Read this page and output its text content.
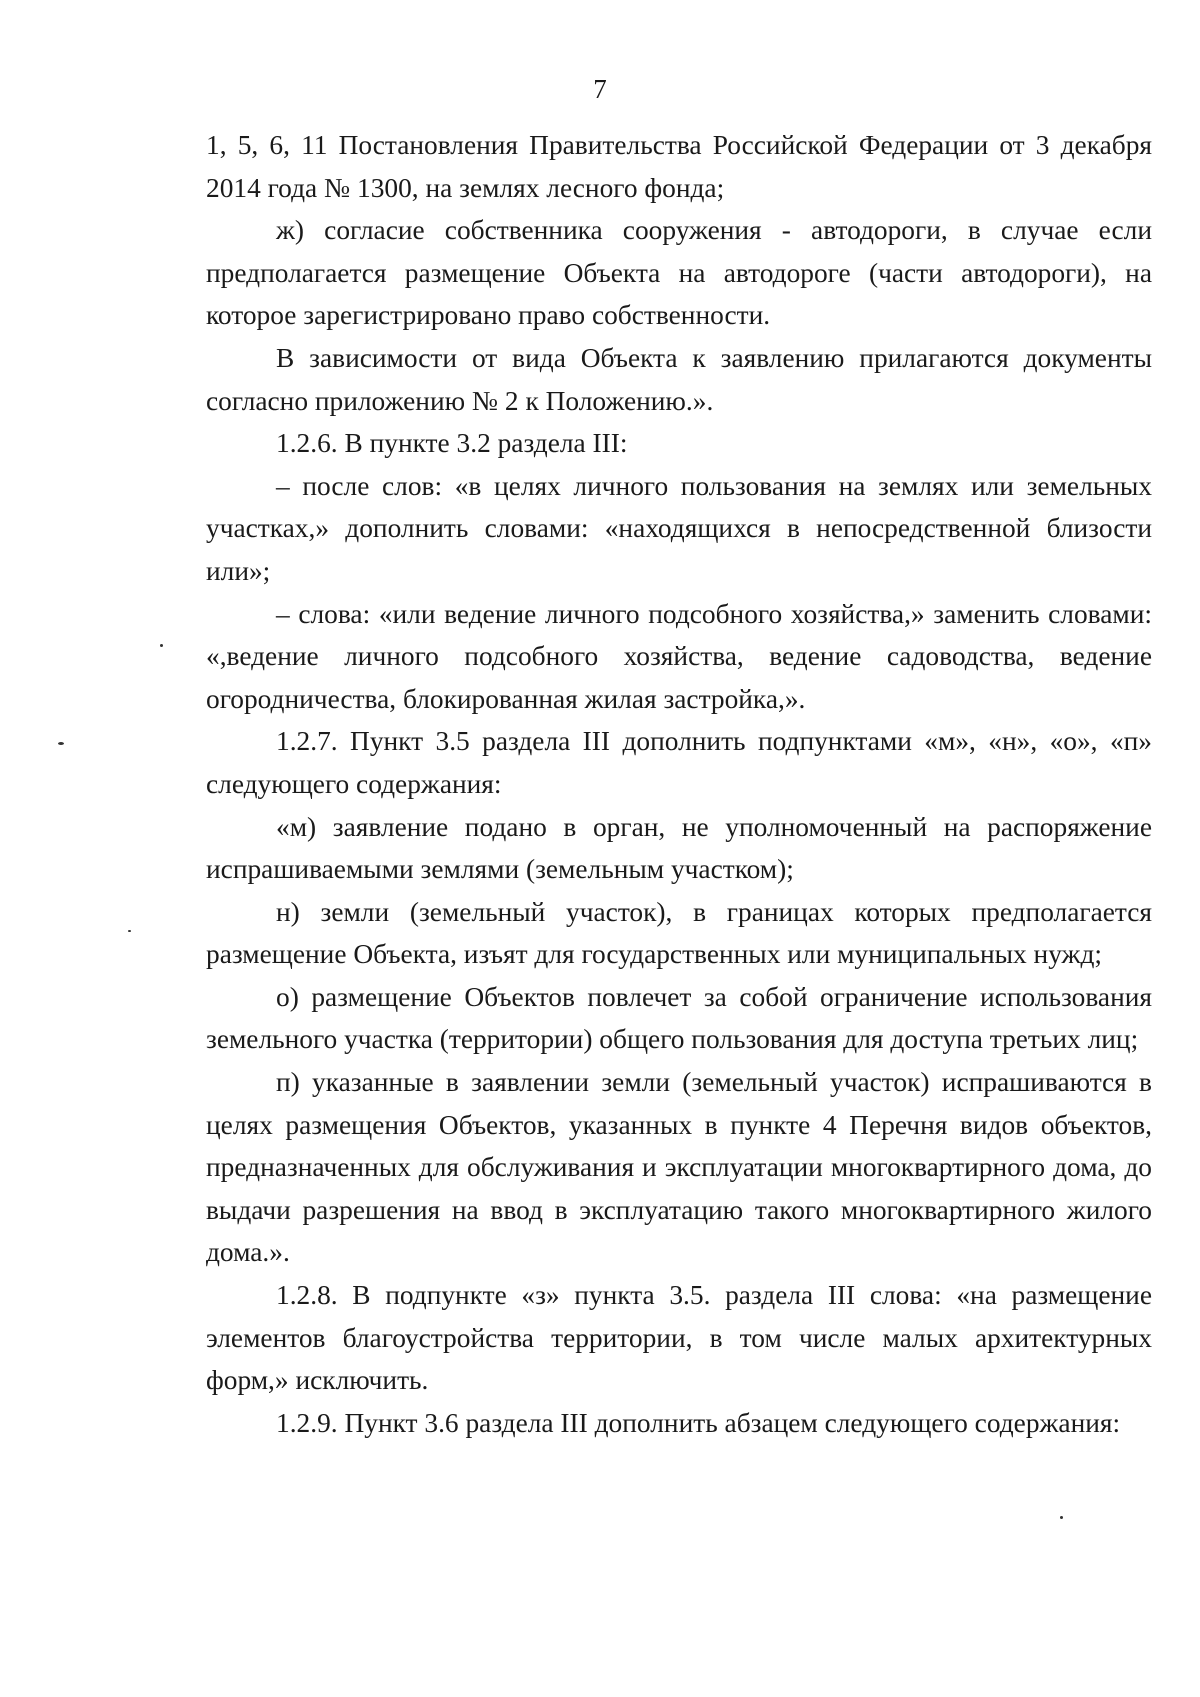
7

1, 5, 6, 11 Постановления Правительства Российской Федерации от 3 декабря 2014 года № 1300, на землях лесного фонда;

ж) согласие собственника сооружения - автодороги, в случае если предполагается размещение Объекта на автодороге (части автодороги), на которое зарегистрировано право собственности.

В зависимости от вида Объекта к заявлению прилагаются документы согласно приложению № 2 к Положению.».

1.2.6. В пункте 3.2 раздела III:

– после слов: «в целях личного пользования на землях или земельных участках,» дополнить словами: «находящихся в непосредственной близости или»;

– слова: «или ведение личного подсобного хозяйства,» заменить словами: «,ведение личного подсобного хозяйства, ведение садоводства, ведение огородничества, блокированная жилая застройка,».

1.2.7. Пункт 3.5 раздела III дополнить подпунктами «м», «н», «о», «п» следующего содержания:

«м) заявление подано в орган, не уполномоченный на распоряжение испрашиваемыми землями (земельным участком);

н) земли (земельный участок), в границах которых предполагается размещение Объекта, изъят для государственных или муниципальных нужд;

о) размещение Объектов повлечет за собой ограничение использования земельного участка (территории) общего пользования для доступа третьих лиц;

п) указанные в заявлении земли (земельный участок) испрашиваются в целях размещения Объектов, указанных в пункте 4 Перечня видов объектов, предназначенных для обслуживания и эксплуатации многоквартирного дома, до выдачи разрешения на ввод в эксплуатацию такого многоквартирного жилого дома.».

1.2.8. В подпункте «з» пункта 3.5. раздела III слова: «на размещение элементов благоустройства территории, в том числе малых архитектурных форм,» исключить.

1.2.9. Пункт 3.6 раздела III дополнить абзацем следующего содержания:
